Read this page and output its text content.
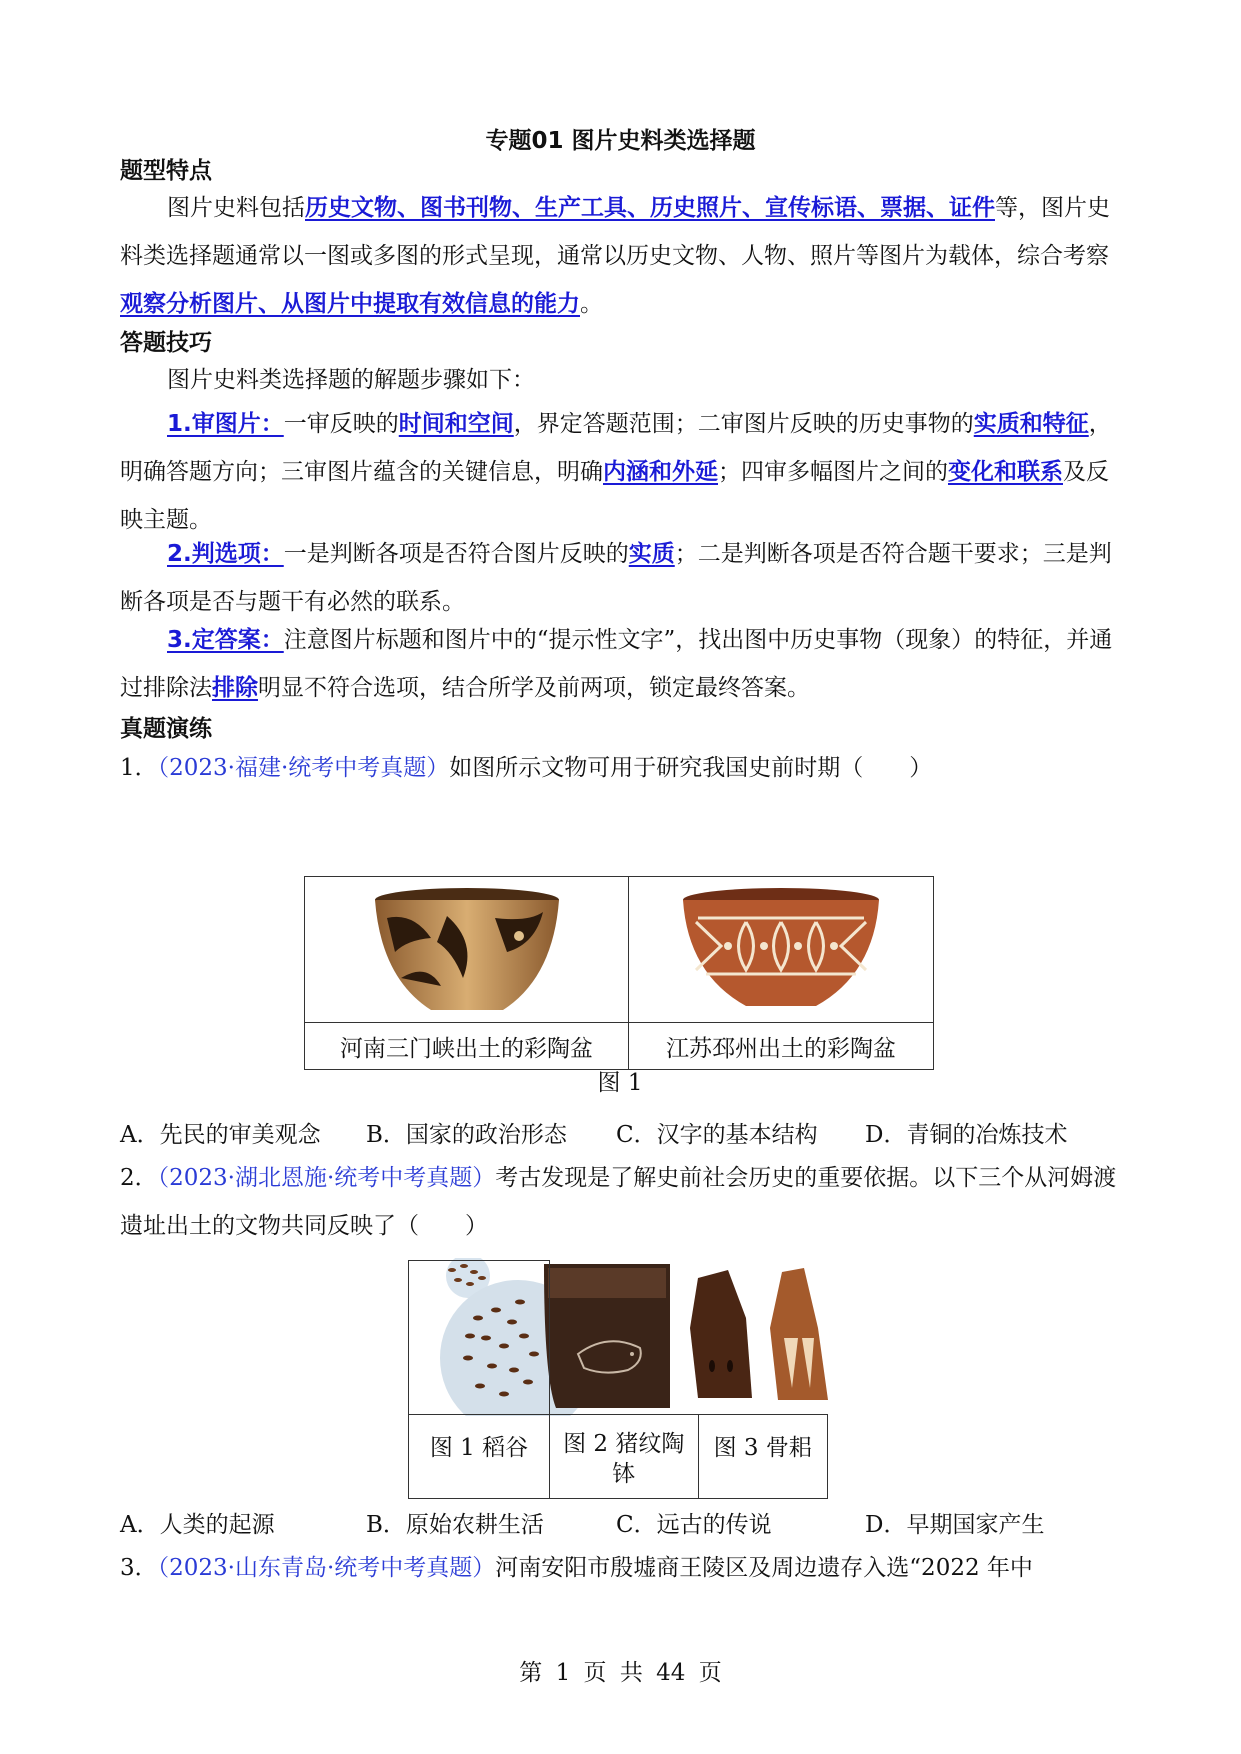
专题01 图片史料类选择题
题型特点
图片史料包括历史文物、图书刊物、生产工具、历史照片、宣传标语、票据、证件等，图片史料类选择题通常以一图或多图的形式呈现，通常以历史文物、人物、照片等图片为载体，综合考察观察分析图片、从图片中提取有效信息的能力。
答题技巧
图片史料类选择题的解题步骤如下：
1.审图片：一审反映的时间和空间，界定答题范围；二审图片反映的历史事物的实质和特征，明确答题方向；三审图片蕴含的关键信息，明确内涵和外延；四审多幅图片之间的变化和联系及反映主题。
2.判选项：一是判断各项是否符合图片反映的实质；二是判断各项是否符合题干要求；三是判断各项是否与题干有必然的联系。
3.定答案：注意图片标题和图片中的“提示性文字”，找出图中历史事物（现象）的特征，并通过排除法排除明显不符合选项，结合所学及前两项，锁定最终答案。
真题演练
1．（2023·福建·统考中考真题）如图所示文物可用于研究我国史前时期（　　）

河南三门峡出土的彩陶盆	江苏邳州出土的彩陶盆
图 1
A．先民的审美观念	B．国家的政治形态	C．汉字的基本结构	D．青铜的冶炼技术
2．（2023·湖北恩施·统考中考真题）考古发现是了解史前社会历史的重要依据。以下三个从河姆渡遗址出土的文物共同反映了（　　）

图 1 稻谷	图 2 猪纹陶钵	图 3 骨耜
A．人类的起源	B．原始农耕生活	C．远古的传说	D．早期国家产生
3．（2023·山东青岛·统考中考真题）河南安阳市殷墟商王陵区及周边遗存入选“2022 年中
第 1 页 共 44 页
